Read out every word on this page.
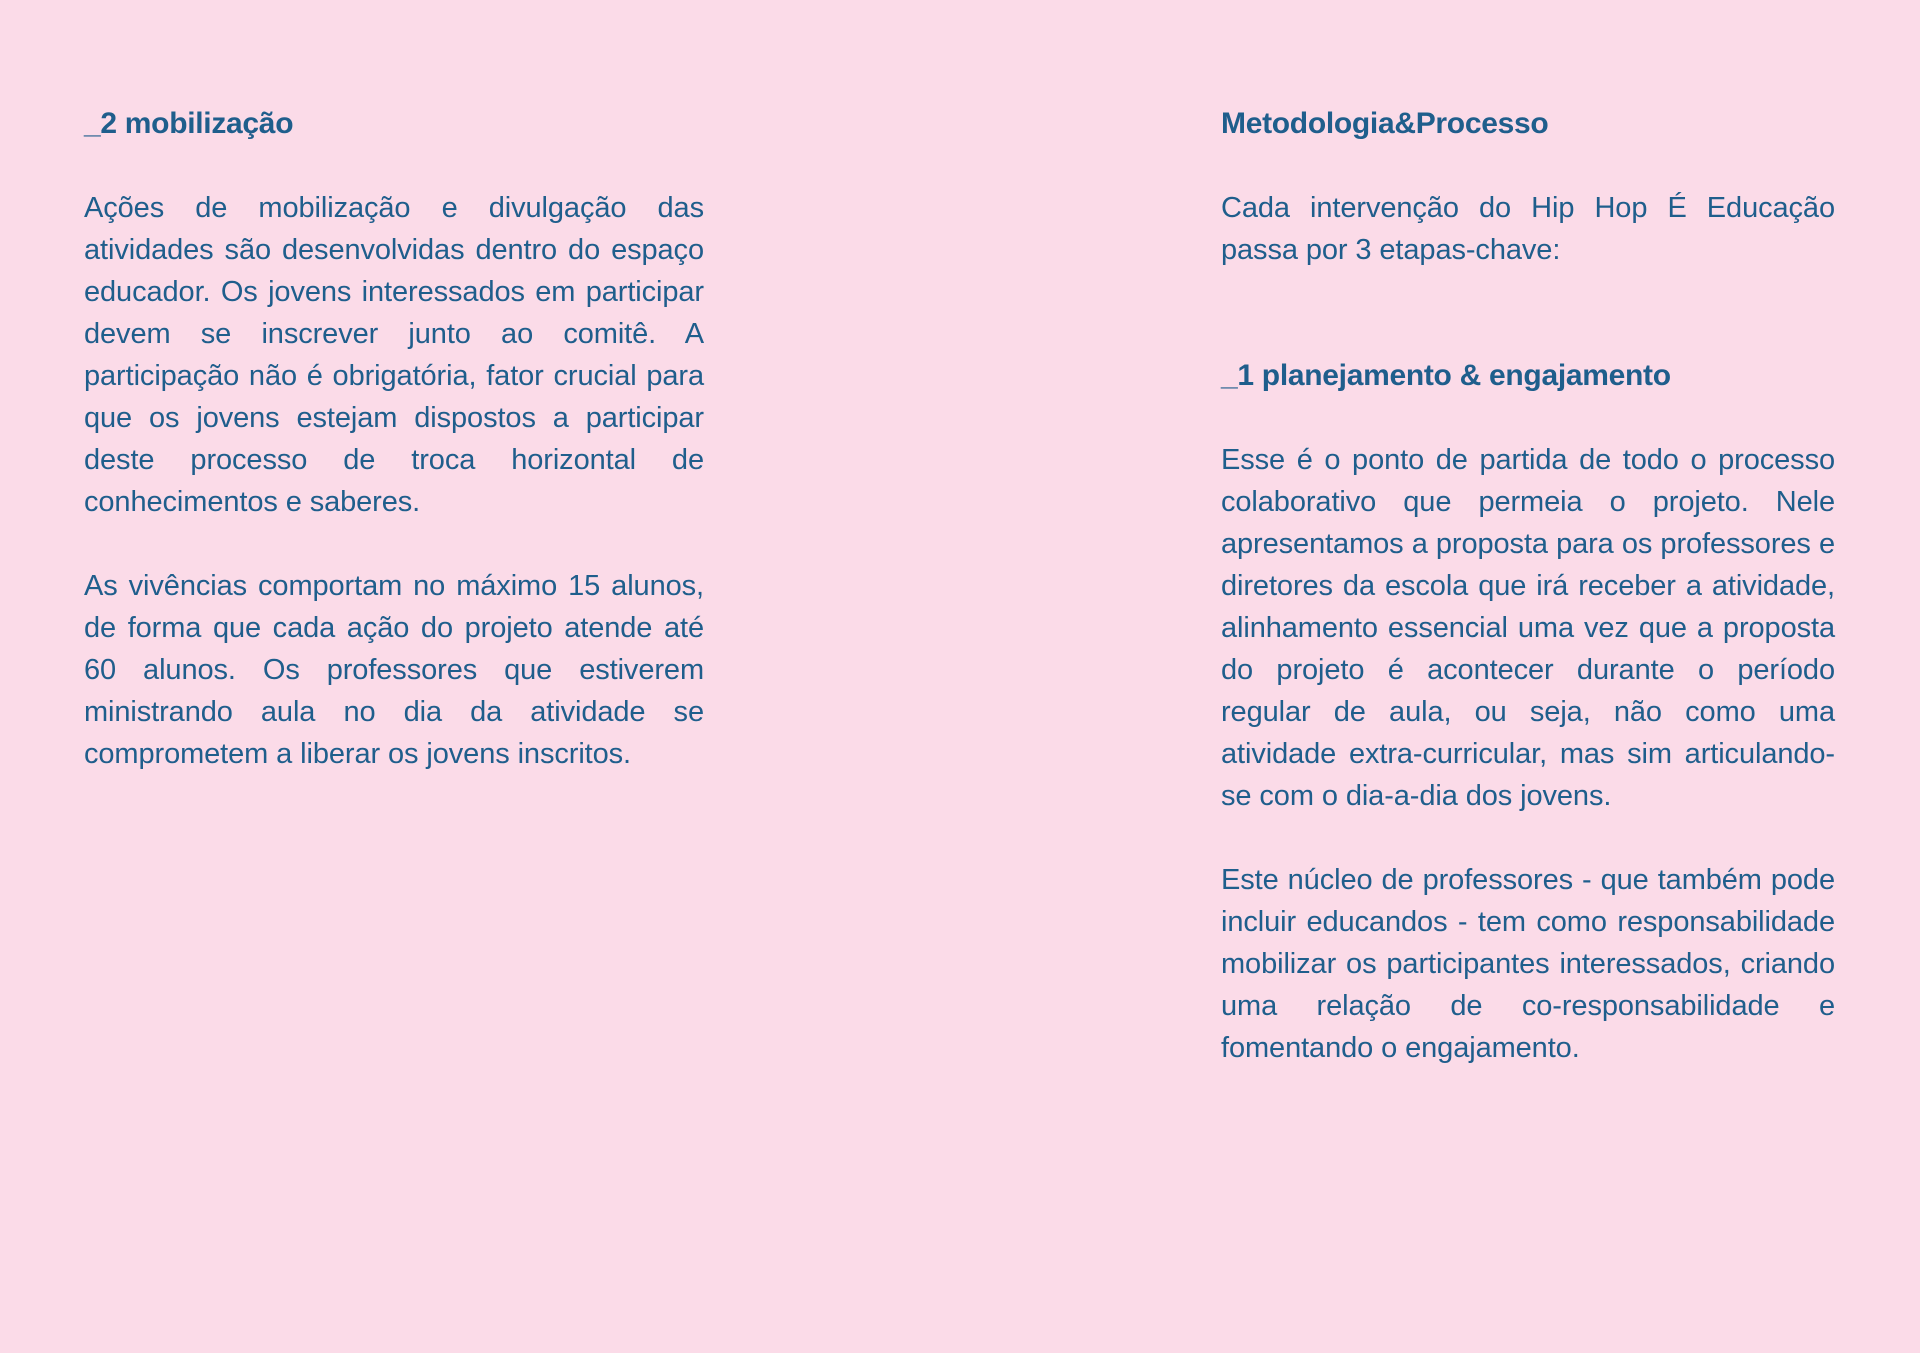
_2 mobilização

Ações de mobilização e divulgação das atividades são desenvolvidas dentro do espaço educador. Os jovens interessados em participar devem se inscrever junto ao comitê. A participação não é obrigatória, fator crucial para que os jovens estejam dispostos a participar deste processo de troca horizontal de conhecimentos e saberes.

As vivências comportam no máximo 15 alunos, de forma que cada ação do projeto atende até 60 alunos. Os professores que estiverem ministrando aula no dia da atividade se comprometem a liberar os jovens inscritos.

Metodologia&Processo

Cada intervenção do Hip Hop É Educação passa por 3 etapas-chave:

_1 planejamento & engajamento

Esse é o ponto de partida de todo o processo colaborativo que permeia o projeto. Nele apresentamos a proposta para os professores e diretores da escola que irá receber a atividade, alinhamento essencial uma vez que a proposta do projeto é acontecer durante o período regular de aula, ou seja, não como uma atividade extra-curricular, mas sim articulando-se com o dia-a-dia dos jovens.

Este núcleo de professores - que também pode incluir educandos - tem como responsabilidade mobilizar os participantes interessados, criando uma relação de co-responsabilidade e fomentando o engajamento.
